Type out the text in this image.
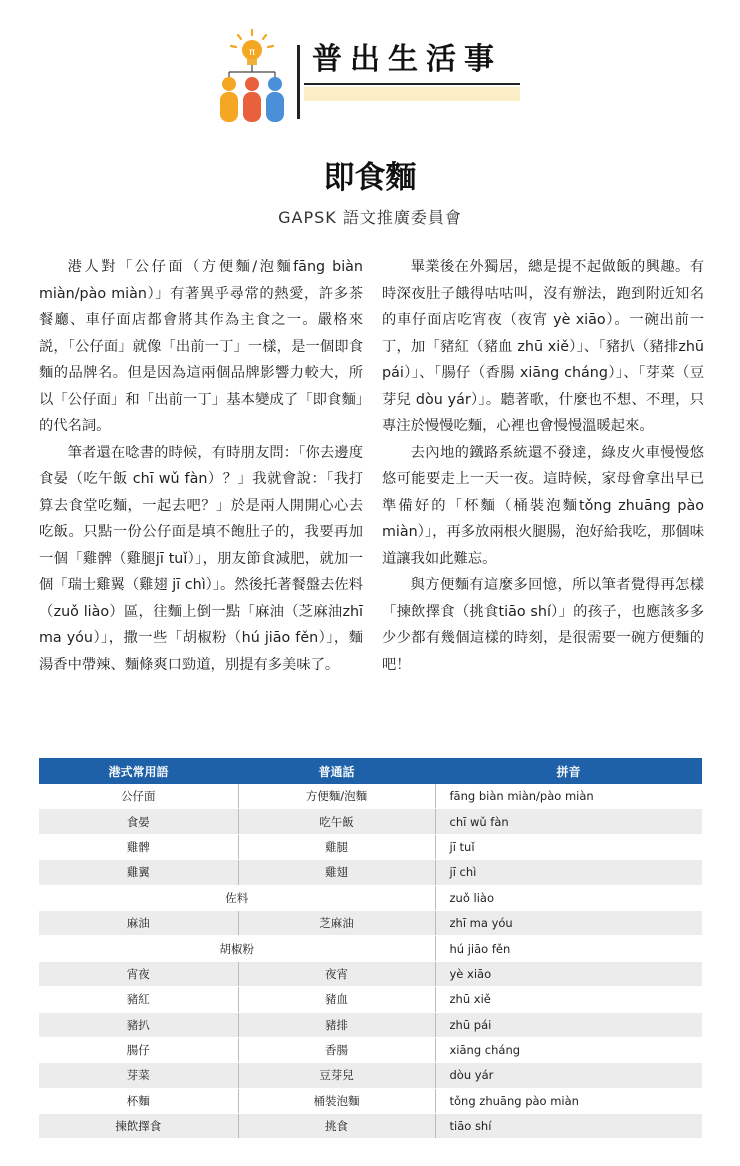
π 普出生活事
即食麵
GAPSK 語文推廣委員會

港人對「公仔面（方便麵/泡麵fāng biàn miàn/pào miàn）」有著異乎尋常的熱愛，許多茶餐廳、車仔面店都會將其作為主食之一。嚴格來説，「公仔面」就像「出前一丁」一樣，是一個即食麵的品牌名。但是因為這兩個品牌影響力較大，所以「公仔面」和「出前一丁」基本變成了「即食麵」的代名詞。

筆者還在唸書的時候，有時朋友問：「你去邊度食晏（吃午飯 chī wǔ fàn）？」我就會說：「我打算去食堂吃麵，一起去吧？」於是兩人開開心心去吃飯。只點一份公仔面是填不飽肚子的，我要再加一個「雞髀（雞腿jī tuǐ）」，朋友節食減肥，就加一個「瑞士雞翼（雞翅 jī chì）」。然後托著餐盤去佐料（zuǒ liào）區，往麵上倒一點「麻油（芝麻油zhī ma yóu）」，撒一些「胡椒粉（hú jiāo fěn）」，麵湯香中帶辣、麵條爽口勁道，別提有多美味了。

畢業後在外獨居，總是提不起做飯的興趣。有時深夜肚子餓得咕咕叫，沒有辦法，跑到附近知名的車仔面店吃宵夜（夜宵 yè xiāo）。一碗出前一丁，加「豬紅（豬血 zhū xiě）」、「豬扒（豬排zhū pái）」、「腸仔（香腸 xiāng cháng）」、「芽菜（豆芽兒 dòu yár）」。聽著歌，什麼也不想、不理，只專注於慢慢吃麵，心裡也會慢慢溫暖起來。

去內地的鐵路系統還不發達，綠皮火車慢慢悠悠可能要走上一天一夜。這時候，家母會拿出早已準備好的「杯麵（桶裝泡麵tǒng zhuāng pào miàn）」，再多放兩根火腿腸，泡好給我吃，那個味道讓我如此難忘。

與方便麵有這麼多回憶，所以筆者覺得再怎樣「揀飲擇食（挑食tiāo shí）」的孩子，也應該多多少少都有幾個這樣的時刻，是很需要一碗方便麵的吧！

港式常用語	普通話	拼音
公仔面	方便麵/泡麵	fāng biàn miàn/pào miàn
食晏	吃午飯	chī wǔ fàn
雞髀	雞腿	jī tuǐ
雞翼	雞翅	jī chì
佐料		zuǒ liào
麻油	芝麻油	zhī ma yóu
胡椒粉		hú jiāo fěn
宵夜	夜宵	yè xiāo
豬紅	豬血	zhū xiě
豬扒	豬排	zhū pái
腸仔	香腸	xiāng cháng
芽菜	豆芽兒	dòu yár
杯麵	桶裝泡麵	tǒng zhuāng pào miàn
揀飲擇食	挑食	tiāo shí
